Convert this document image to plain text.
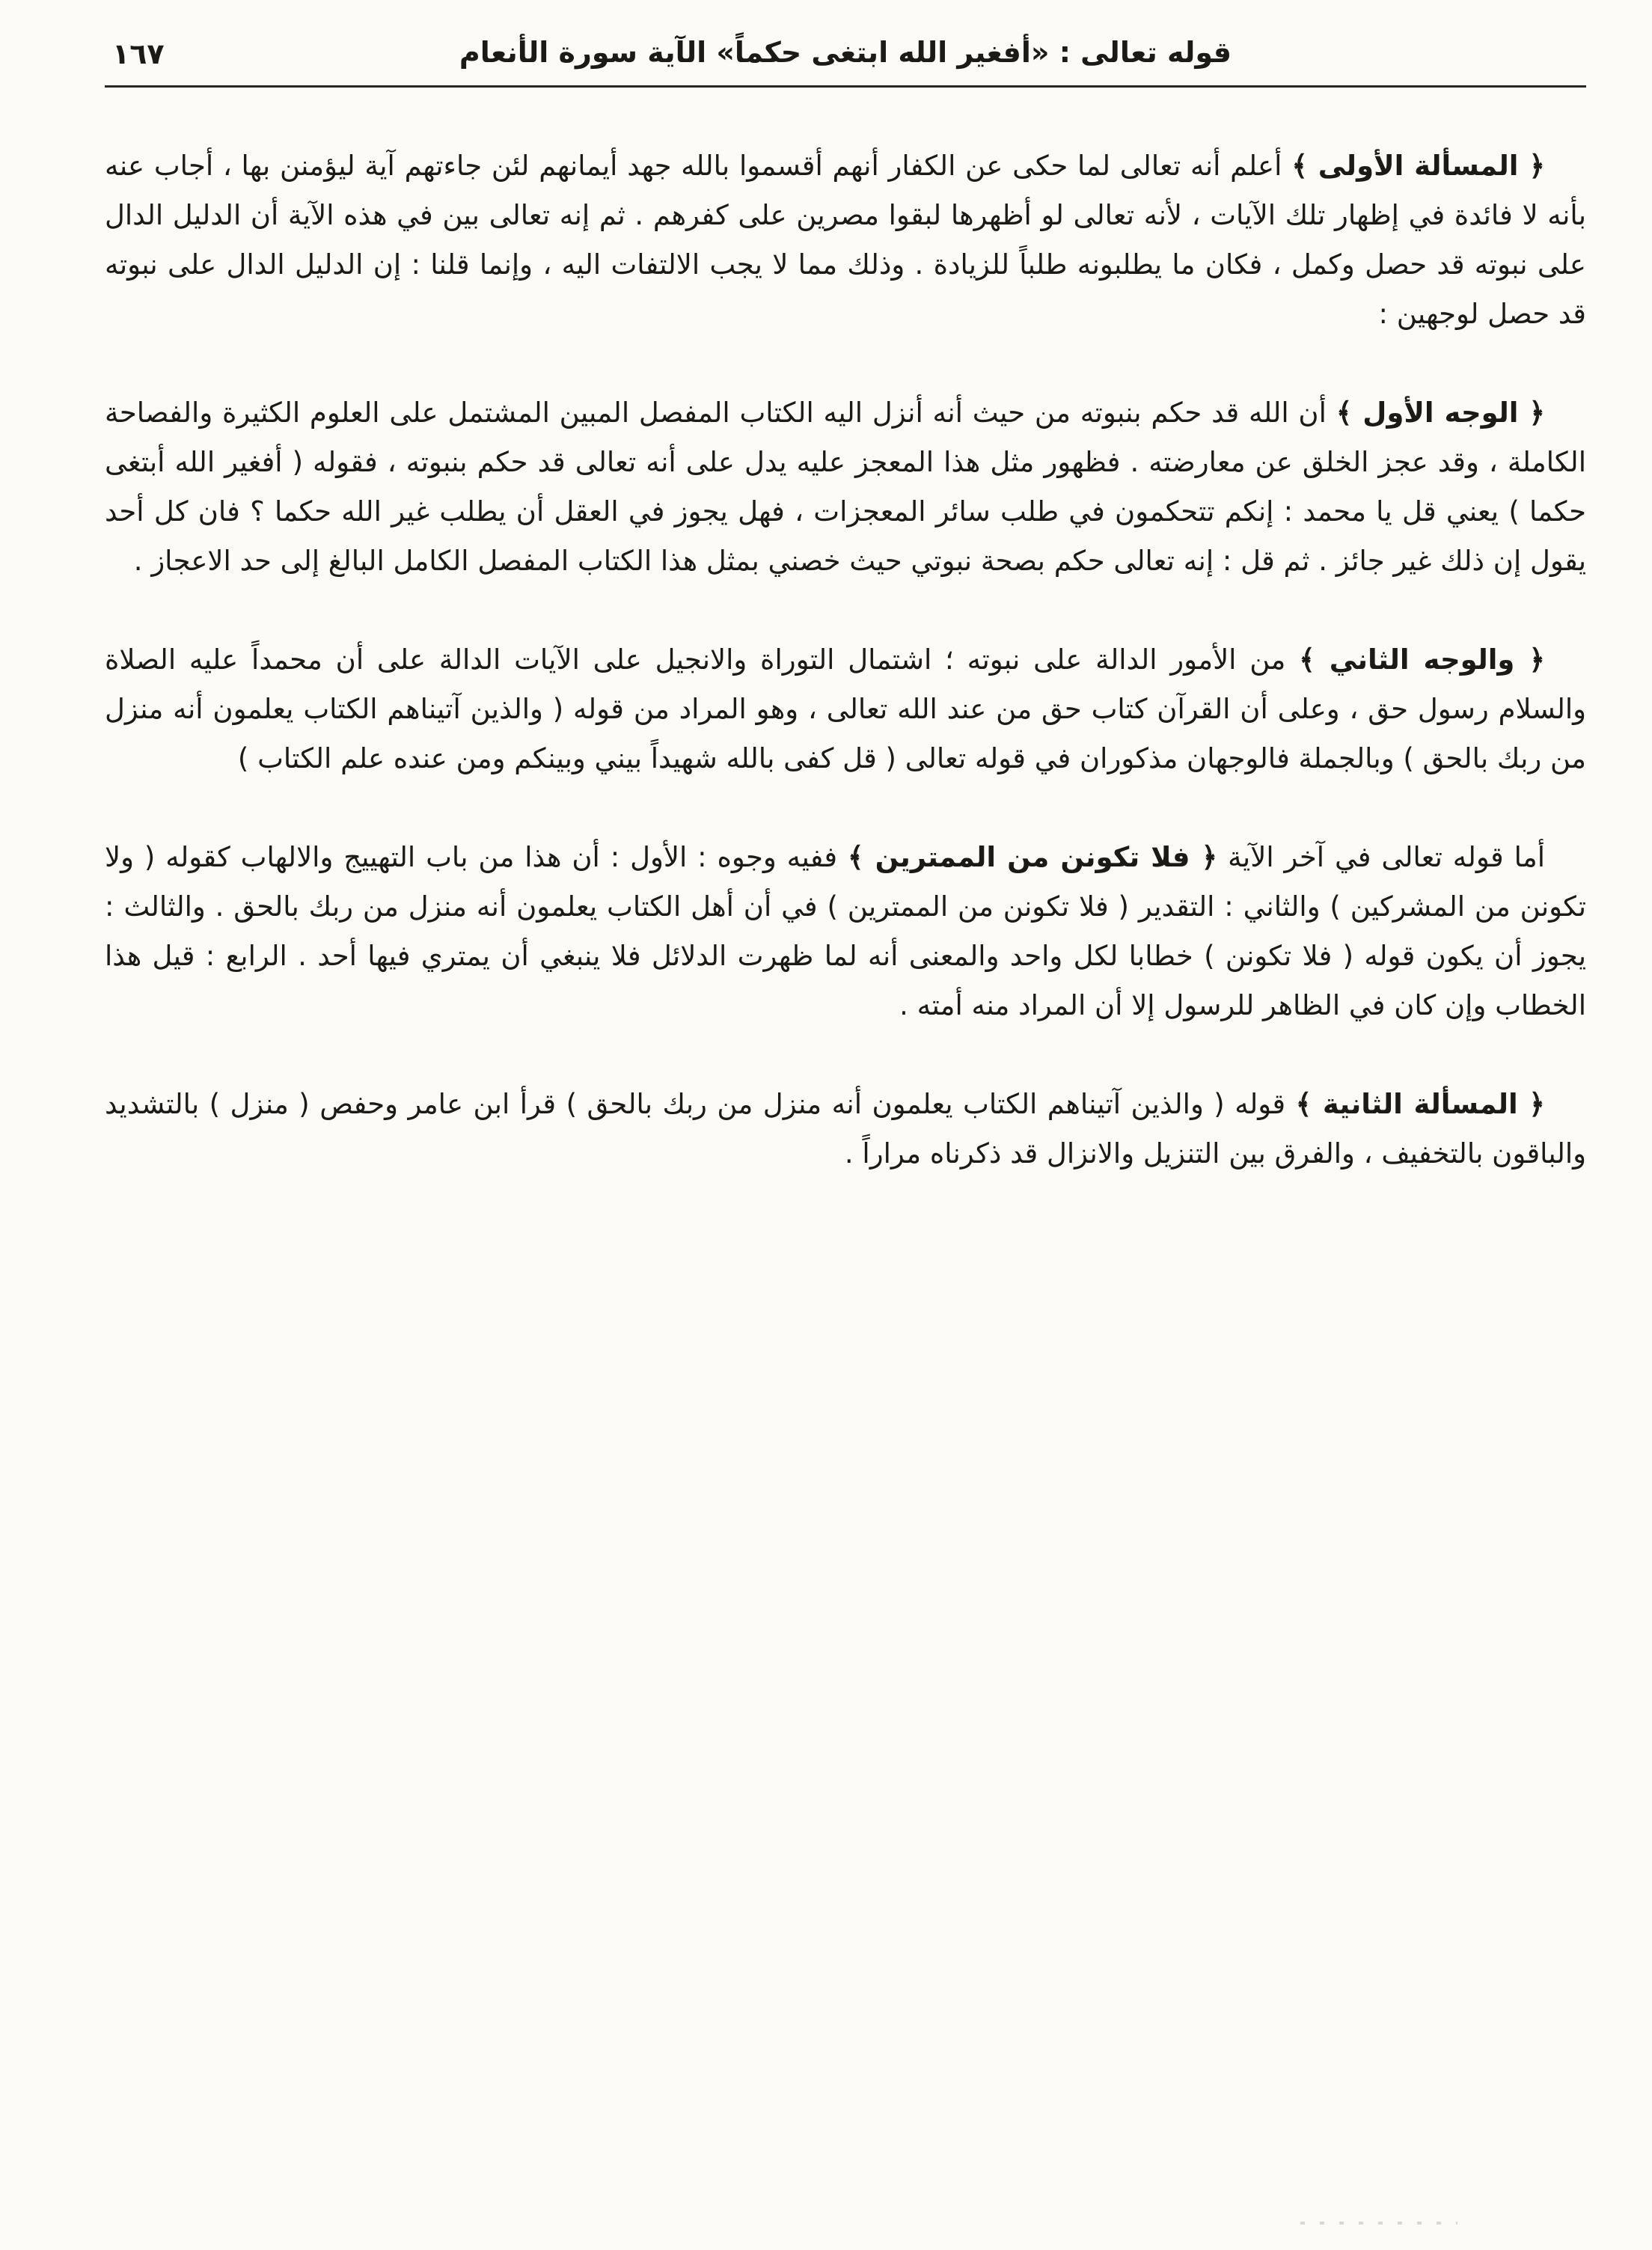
١٦٧	قوله تعالى : «أفغير الله ابتغى حكماً» الآية سورة الأنعام

﴿ المسألة الأولى ﴾ أعلم أنه تعالى لما حكى عن الكفار أنهم أقسموا بالله جهد أيمانهم لئن جاءتهم آية ليؤمنن بها ، أجاب عنه بأنه لا فائدة في إظهار تلك الآيات ، لأنه تعالى لو أظهرها لبقوا مصرين على كفرهم . ثم إنه تعالى بين في هذه الآية أن الدليل الدال على نبوته قد حصل وكمل ، فكان ما يطلبونه طلباً للزيادة . وذلك مما لا يجب الالتفات اليه ، وإنما قلنا : إن الدليل الدال على نبوته قد حصل لوجهين :

﴿ الوجه الأول ﴾ أن الله قد حكم بنبوته من حيث أنه أنزل اليه الكتاب المفصل المبين المشتمل على العلوم الكثيرة والفصاحة الكاملة ، وقد عجز الخلق عن معارضته . فظهور مثل هذا المعجز عليه يدل على أنه تعالى قد حكم بنبوته ، فقوله ( أفغير الله أبتغى حكما ) يعني قل يا محمد : إنكم تتحكمون في طلب سائر المعجزات ، فهل يجوز في العقل أن يطلب غير الله حكما ؟ فان كل أحد يقول إن ذلك غير جائز . ثم قل : إنه تعالى حكم بصحة نبوتي حيث خصني بمثل هذا الكتاب المفصل الكامل البالغ إلى حد الاعجاز .

﴿ والوجه الثاني ﴾ من الأمور الدالة على نبوته ؛ اشتمال التوراة والانجيل على الآيات الدالة على أن محمداً عليه الصلاة والسلام رسول حق ، وعلى أن القرآن كتاب حق من عند الله تعالى ، وهو المراد من قوله ( والذين آتيناهم الكتاب يعلمون أنه منزل من ربك بالحق ) وبالجملة فالوجهان مذكوران في قوله تعالى ( قل كفى بالله شهيداً بيني وبينكم ومن عنده علم الكتاب )

أما قوله تعالى في آخر الآية ﴿ فلا تكونن من الممترين ﴾ ففيه وجوه : الأول : أن هذا من باب التهييج والالهاب كقوله ( ولا تكونن من المشركين ) والثاني : التقدير ( فلا تكونن من الممترين ) في أن أهل الكتاب يعلمون أنه منزل من ربك بالحق . والثالث : يجوز أن يكون قوله ( فلا تكونن ) خطابا لكل واحد والمعنى أنه لما ظهرت الدلائل فلا ينبغي أن يمتري فيها أحد . الرابع : قيل هذا الخطاب وإن كان في الظاهر للرسول إلا أن المراد منه أمته .

﴿ المسألة الثانية ﴾ قوله ( والذين آتيناهم الكتاب يعلمون أنه منزل من ربك بالحق ) قرأ ابن عامر وحفص ( منزل ) بالتشديد والباقون بالتخفيف ، والفرق بين التنزيل والانزال قد ذكرناه مراراً .
